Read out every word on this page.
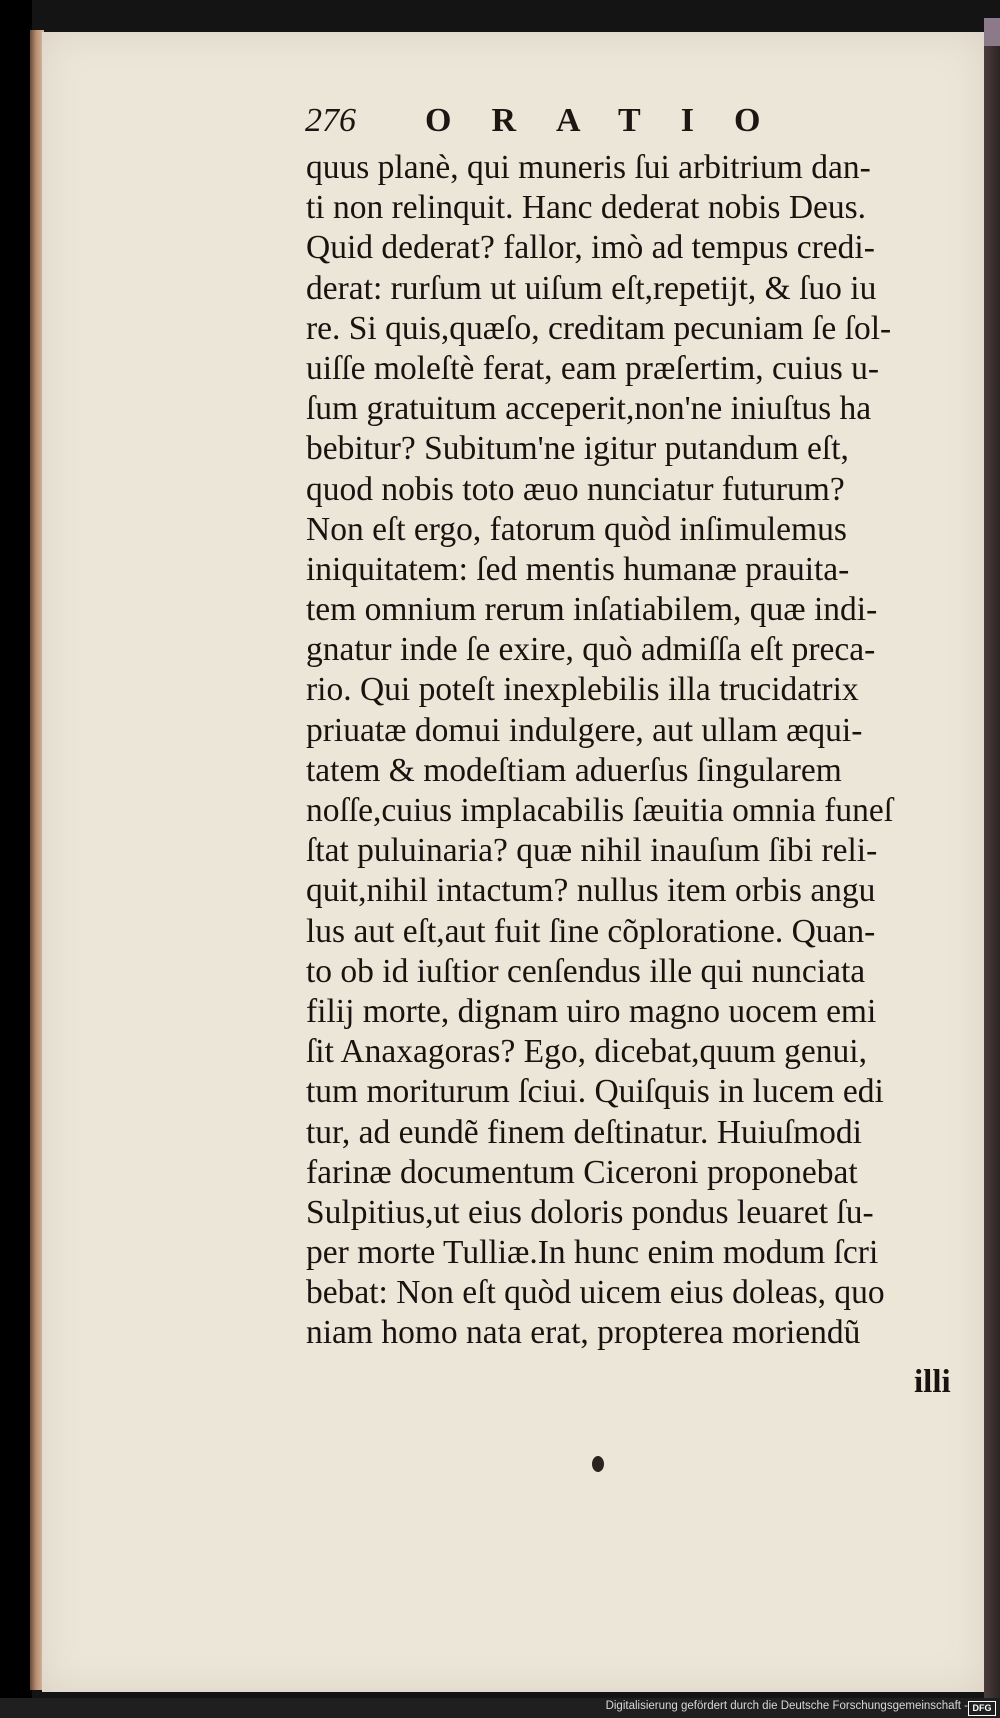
276 ORATIO
quus planè, qui muneris ſui arbitrium dan-
ti non relinquit. Hanc dederat nobis Deus.
Quid dederat? fallor, imò ad tempus credi-
derat: rurſum ut uiſum eſt,repetijt, & ſuo iu
re. Si quis,quæſo, creditam pecuniam ſe ſol-
uiſſe moleſtè ferat, eam præſertim, cuius u-
ſum gratuitum acceperit,non'ne iniuſtus ha
bebitur? Subitum'ne igitur putandum eſt,
quod nobis toto æuo nunciatur futurum?
Non eſt ergo, fatorum quòd inſimulemus
iniquitatem: ſed mentis humanæ prauita-
tem omnium rerum inſatiabilem, quæ indi-
gnatur inde ſe exire, quò admiſſa eſt preca-
rio. Qui poteſt inexplebilis illa trucidatrix
priuatæ domui indulgere, aut ullam æqui-
tatem & modeſtiam aduerſus ſingularem
noſſe,cuius implacabilis ſæuitia omnia funeſ
ſtat puluinaria? quæ nihil inauſum ſibi reli-
quit,nihil intactum? nullus item orbis angu
lus aut eſt,aut fuit ſine cõploratione. Quan-
to ob id iuſtior cenſendus ille qui nunciata
filij morte, dignam uiro magno uocem emi
ſit Anaxagoras? Ego, dicebat,quum genui,
tum moriturum ſciui. Quiſquis in lucem edi
tur, ad eundẽ finem deſtinatur. Huiuſmodi
farinæ documentum Ciceroni proponebat
Sulpitius,ut eius doloris pondus leuaret ſu-
per morte Tulliæ.In hunc enim modum ſcri
bebat: Non eſt quòd uicem eius doleas, quo
niam homo nata erat, propterea moriendũ
illi
Digitalisierung gefördert durch die Deutsche Forschungsgemeinschaft - DFG
